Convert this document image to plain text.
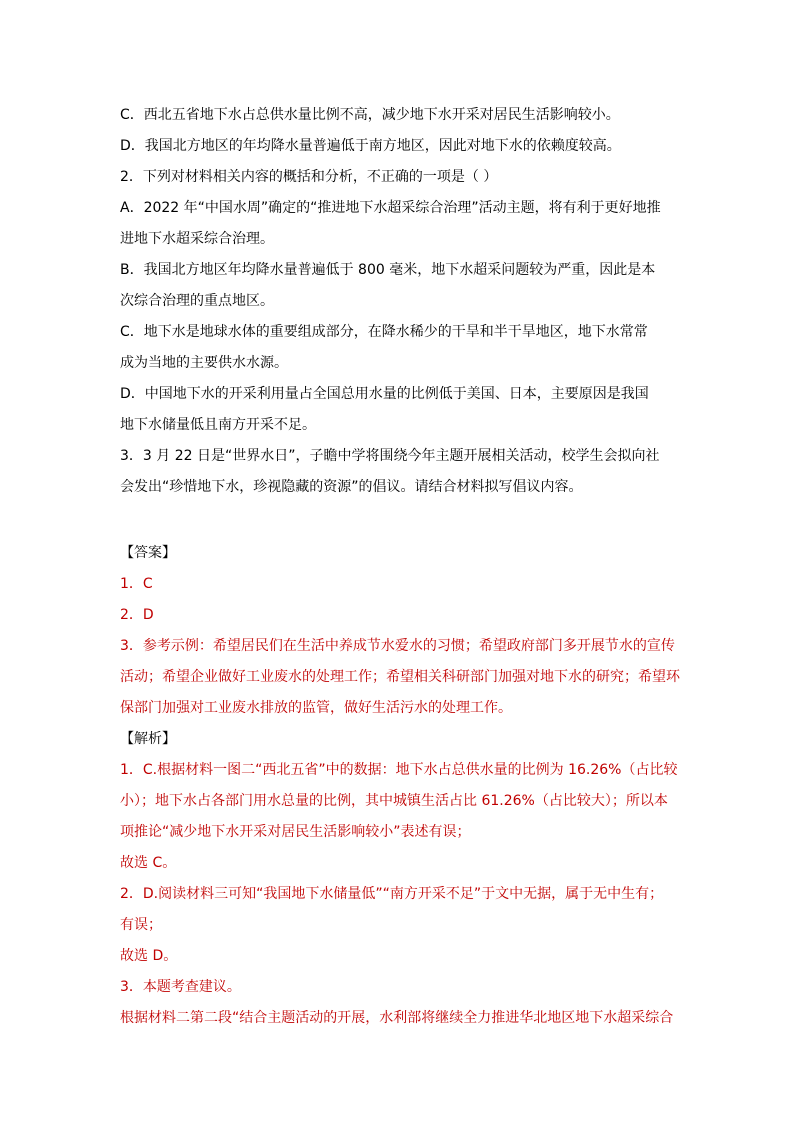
C．西北五省地下水占总供水量比例不高，减少地下水开采对居民生活影响较小。

D．我国北方地区的年均降水量普遍低于南方地区，因此对地下水的依赖度较高。

2．下列对材料相关内容的概括和分析，不正确的一项是（ ）

A．2022 年“中国水周”确定的“推进地下水超采综合治理”活动主题，将有利于更好地推

进地下水超采综合治理。

B．我国北方地区年均降水量普遍低于 800 毫米，地下水超采问题较为严重，因此是本

次综合治理的重点地区。

C．地下水是地球水体的重要组成部分，在降水稀少的干旱和半干旱地区，地下水常常

成为当地的主要供水水源。

D．中国地下水的开采利用量占全国总用水量的比例低于美国、日本，主要原因是我国

地下水储量低且南方开采不足。

3．3 月 22 日是“世界水日”，子瞻中学将围绕今年主题开展相关活动，校学生会拟向社

会发出“珍惜地下水，珍视隐藏的资源”的倡议。请结合材料拟写倡议内容。

【答案】

1．C

2．D

3．参考示例：希望居民们在生活中养成节水爱水的习惯；希望政府部门多开展节水的宣传

活动；希望企业做好工业废水的处理工作；希望相关科研部门加强对地下水的研究；希望环

保部门加强对工业废水排放的监管，做好生活污水的处理工作。

【解析】

1．C.根据材料一图二“西北五省”中的数据：地下水占总供水量的比例为 16.26%（占比较

小）；地下水占各部门用水总量的比例，其中城镇生活占比 61.26%（占比较大）；所以本

项推论“减少地下水开采对居民生活影响较小”表述有误；

故选 C。

2．D.阅读材料三可知“我国地下水储量低”“南方开采不足”于文中无据，属于无中生有；

有误；

故选 D。

3．本题考查建议。

根据材料二第二段“结合主题活动的开展，水利部将继续全力推进华北地区地下水超采综合
